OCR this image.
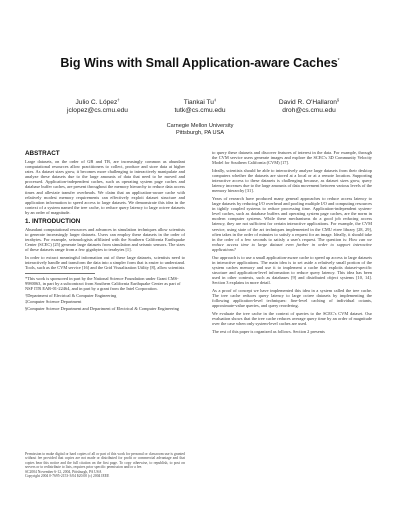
Big Wins with Small Application-aware Caches*
Julio C. López†
jclopez@cs.cmu.edu
Tiankai Tu‡
tutk@cs.cmu.edu
David R. O'Hallaron§
droh@cs.cmu.edu
Carnegie Mellon University
Pittsburgh, PA USA
ABSTRACT

Large datasets, on the order of GB and TB, are increasingly common as abundant computational resources allow practitioners to collect, produce and store data at higher rates. As dataset sizes grow, it becomes more challenging to interactively manipulate and analyze these datasets due to the large amounts of data that need to be moved and processed. Application-independent caches, such as operating system page caches and database buffer caches, are present throughout the memory hierarchy to reduce data access times and alleviate transfer overheads. We claim that an application-aware cache with relatively modest memory requirements can effectively exploit dataset structure and application information to speed access to large datasets. We demonstrate this idea in the context of a system named the tree cache, to reduce query latency to large octree datasets by an order of magnitude.

1. INTRODUCTION

Abundant computational resources and advances in simulation techniques allow scientists to generate increasingly larger datasets. Users can employ these datasets in the order of terabytes. For example, seismologists affiliated with the Southern California Earthquake Center (SCEC) [25] generate large datasets from simulation and seismic sensors. The sizes of these datasets range from a few gigabytes to terabytes [1].

In order to extract meaningful information out of these large datasets, scientists need to interactively handle and transform the data into a simpler form that is easier to understand. Tools, such as the CVM service [16] and the Grid Visualization Utility [8], allow scientists

*This work is sponsored in part by the National Science Foundation under Grant CMS-9980063, in part by a subcontract from Southern California Earthquake Center as part of NSF ITR EAR-01-22464, and in part by a grant from the Intel Corporation.

†Department of Electrical & Computer Engineering

‡Computer Science Department

§Computer Science Department and Department of Electrical & Computer Engineering

Permission to make digital or hard copies of all or part of this work for personal or classroom use is granted without fee provided that copies are not made or distributed for profit or commercial advantage and that copies bear this notice and the full citation on the first page. To copy otherwise, to republish, to post on servers or to redistribute to lists, requires prior specific permission and/or a fee.

SC2004 November 6-12, 2004, Pittsburgh, PA USA

Copyright 2004 0-7695-2153-3/04 $20.00 (c) 2004 IEEE

to query these datasets and discover features of interest in the data. For example, through the CVM service users generate images and explore the SCEC's 3D Community Velocity Model for Southern California (CVM) [17].

Ideally, scientists should be able to interactively analyze large datasets from their desktop computers whether the datasets are stored at a local or at a remote location. Supporting interactive access to these datasets is challenging because, as dataset sizes grow, query latency increases due to the large amounts of data movement between various levels of the memory hierarchy [31].

Years of research have produced many general approaches to reduce access latency to large datasets by reducing I/O overhead and pooling multiple I/O and computing resources in tightly coupled systems to reduce processing time. Application-independent system-level caches, such as database buffers and operating system page caches, are the norm in modern computer systems. While these mechanisms do a good job reducing access latency, they are not sufficient for certain interactive applications. For example, the CVM service, using state of the art techniques implemented in the CMU etree library [28, 29], often takes in the order of minutes to satisfy a request for an image. Ideally, it should take in the order of a few seconds to satisfy a user's request. The question is: How can we reduce access time to large dataset even further in order to support interactive applications?

Our approach is to use a small application-aware cache to speed up access to large datasets in interactive applications. The main idea is to set aside a relatively small portion of the system caches memory and use it to implement a cache that exploits dataset-specific structure and application-level information to reduce query latency. This idea has been used in other contexts, such as databases [9] and distributed object systems [10, 14]. Section 3 explains in more detail.

As a proof of concept we have implemented this idea in a system called the tree cache. The tree cache reduces query latency to large octree datasets by implementing the following application-level techniques: fine-level caching of individual octants, approximate-value queries, and query reordering.

We evaluate the tree cache in the context of queries to the SCEC's CVM dataset. Our evaluation shows that the tree cache reduces average query time by an order of magnitude over the case when only system-level caches are used.

The rest of this paper is organized as follows. Section 2 presents
